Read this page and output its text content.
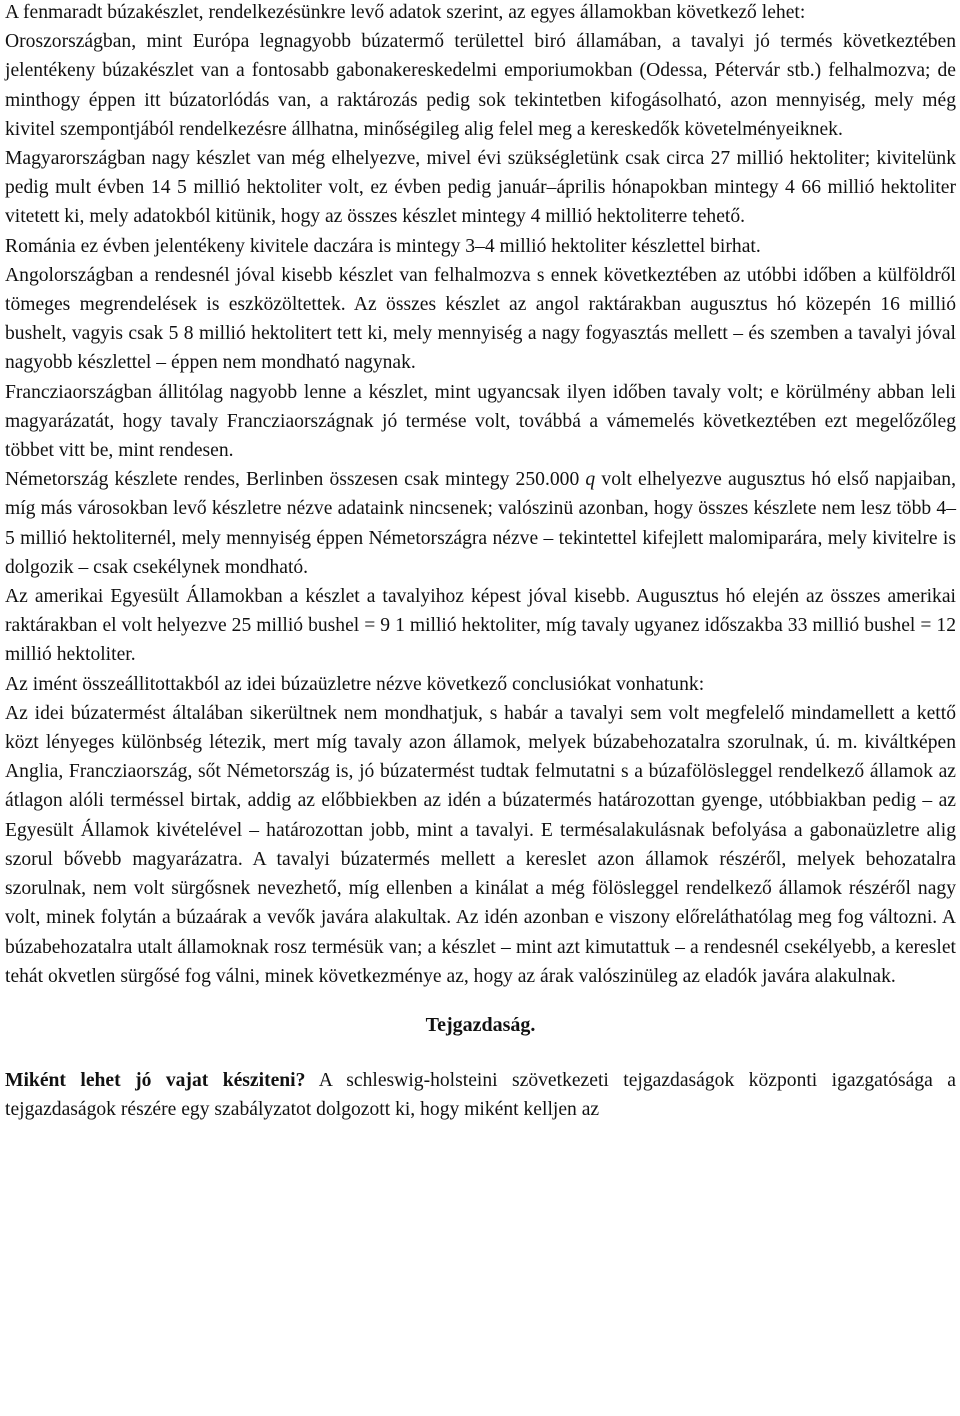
A fenmaradt búzakészlet, rendelkezésünkre levő adatok szerint, az egyes államokban következő lehet:

Oroszországban, mint Európa legnagyobb búzatermő területtel biró államában, a tavalyi jó termés következtében jelentékeny búzakészlet van a fontosabb gabonakereskedelmi emporiumokban (Odessa, Pétervár stb.) felhalmozva; de minthogy éppen itt búzatorlódás van, a raktározás pedig sok tekintetben kifogásolható, azon mennyiség, mely még kivitel szempontjából rendelkezésre állhatna, minőségileg alig felel meg a kereskedők követelményeiknek.

Magyarországban nagy készlet van még elhelyezve, mivel évi szükségletünk csak circa 27 millió hektoliter; kivitelünk pedig mult évben 14 5 millió hektoliter volt, ez évben pedig január–április hónapokban mintegy 4 66 millió hektoliter vitetett ki, mely adatokból kitünik, hogy az összes készlet mintegy 4 millió hektoliterre tehető.

Románia ez évben jelentékeny kivitele daczára is mintegy 3–4 millió hektoliter készlettel birhat.

Angolországban a rendesnél jóval kisebb készlet van felhalmozva s ennek következtében az utóbbi időben a külföldről tömeges megrendelések is eszközöltettek. Az összes készlet az angol raktárakban augusztus hó közepén 16 millió bushelt, vagyis csak 5 8 millió hektolitert tett ki, mely mennyiség a nagy fogyasztás mellett – és szemben a tavalyi jóval nagyobb készlettel – éppen nem mondható nagynak.

Francziaországban állitólag nagyobb lenne a készlet, mint ugyancsak ilyen időben tavaly volt; e körülmény abban leli magyarázatát, hogy tavaly Francziaországnak jó termése volt, továbbá a vámemelés következtében ezt megelőzőleg többet vitt be, mint rendesen.

Németország készlete rendes, Berlinben összesen csak mintegy 250.000 q volt elhelyezve augusztus hó első napjaiban, míg más városokban levő készletre nézve adataink nincsenek; valószinü azonban, hogy összes készlete nem lesz több 4–5 millió hektoliternél, mely mennyiség éppen Németországra nézve – tekintettel kifejlett malomiparára, mely kivitelre is dolgozik – csak csekélynek mondható.

Az amerikai Egyesült Államokban a készlet a tavalyihoz képest jóval kisebb. Augusztus hó elején az összes amerikai raktárakban el volt helyezve 25 millió bushel = 9 1 millió hektoliter, míg tavaly ugyanez időszakba 33 millió bushel = 12 millió hektoliter.

Az imént összeállitottakból az idei búzaüzletre nézve következő conclusiókat vonhatunk:

Az idei búzatermést általában sikerültnek nem mondhatjuk, s habár a tavalyi sem volt megfelelő mindamellett a kettő közt lényeges különbség létezik, mert míg tavaly azon államok, melyek búzabehozatalra szorulnak, ú. m. kiváltképen Anglia, Francziaország, sőt Németország is, jó búzatermést tudtak felmutatni s a búzafölösleggel rendelkező államok az átlagon alóli terméssel birtak, addig az előbbiekben az idén a búzatermés határozottan gyenge, utóbbiakban pedig – az Egyesült Államok kivételével – határozottan jobb, mint a tavalyi. E termésalakulásnak befolyása a gabonaüzletre alig szorul bővebb magyarázatra. A tavalyi búzatermés mellett a kereslet azon államok részéről, melyek behozatalra szorulnak, nem volt sürgősnek nevezhető, míg ellenben a kinálat a még fölösleggel rendelkező államok részéről nagy volt, minek folytán a búzaárak a vevők javára alakultak. Az idén azonban e viszony előreláthatólag meg fog változni. A búzabehozatalra utalt államoknak rosz termésük van; a készlet – mint azt kimutattuk – a rendesnél csekélyebb, a kereslet tehát okvetlen sürgősé fog válni, minek következménye az, hogy az árak valószinüleg az eladók javára alakulnak.

Tejgazdaság.

Miként lehet jó vajat késziteni? A schleswig-holsteini szövetkezeti tejgazdaságok központi igazgatósága a tejgazdaságok részére egy szabályzatot dolgozott ki, hogy miként kelljen az
